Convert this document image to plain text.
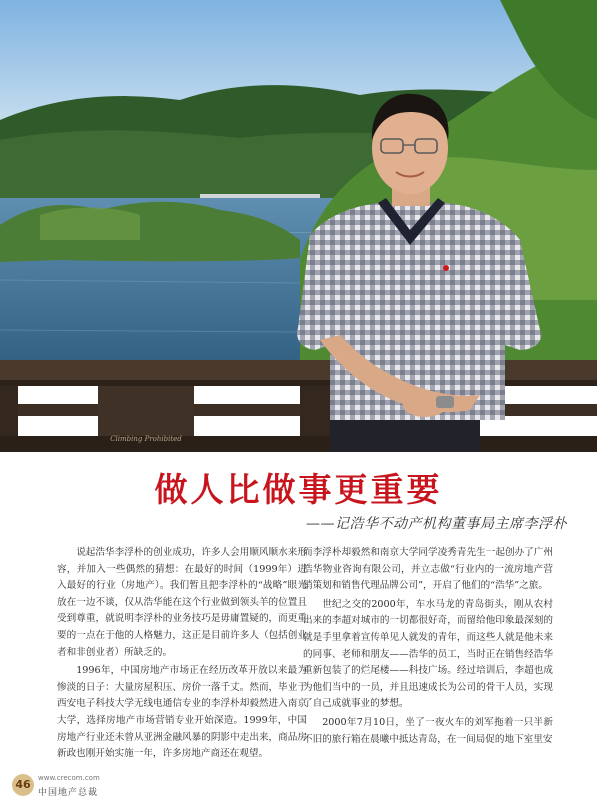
Climbing Prohibited
做人比做事更重要
——记浩华不动产机构董事局主席李浮朴

说起浩华李浮朴的创业成功，许多人会用顺风顺水来形容，并加入一些偶然的猜想：在最好的时间（1999年）进入最好的行业（房地产）。我们暂且把李浮朴的“战略”眼光放在一边不谈，仅从浩华能在这个行业做到领头羊的位置且受到尊重，就说明李浮朴的业务技巧是毋庸置疑的，而更重要的一点在于他的人格魅力，这正是目前许多人（包括创业者和非创业者）所缺乏的。

1996年，中国房地产市场正在经历改革开放以来最为惨淡的日子：大量房屋积压、房价一落千丈。然而，毕业于西安电子科技大学无线电通信专业的李浮朴却毅然进入南京大学，选择房地产市场营销专业开始深造。1999年，中国房地产行业还未曾从亚洲金融风暴的阴影中走出来，商品房新政也刚开始实施一年，许多房地产商还在观望。

而李浮朴却毅然和南京大学同学凌秀青先生一起创办了广州浩华物业咨询有限公司，并立志做“行业内的一流房地产营销策划和销售代理品牌公司”，开启了他们的“浩华”之旅。

世纪之交的2000年，车水马龙的青岛街头，刚从农村出来的李超对城市的一切都很好奇，而留给他印象最深刻的就是手里拿着宣传单见人就发的青年，而这些人就是他未来的同事、老师和朋友——浩华的员工，当时正在销售经浩华重新包装了的烂尾楼——科技广场。经过培训后，李超也成为他们当中的一员，并且迅速成长为公司的骨干人员，实现了自己成就事业的梦想。

2000年7月10日，坐了一夜火车的刘军拖着一只半新不旧的旅行箱在晨曦中抵达青岛，在一间局促的地下室里安

46	www.crecom.com
中国地产总裁
